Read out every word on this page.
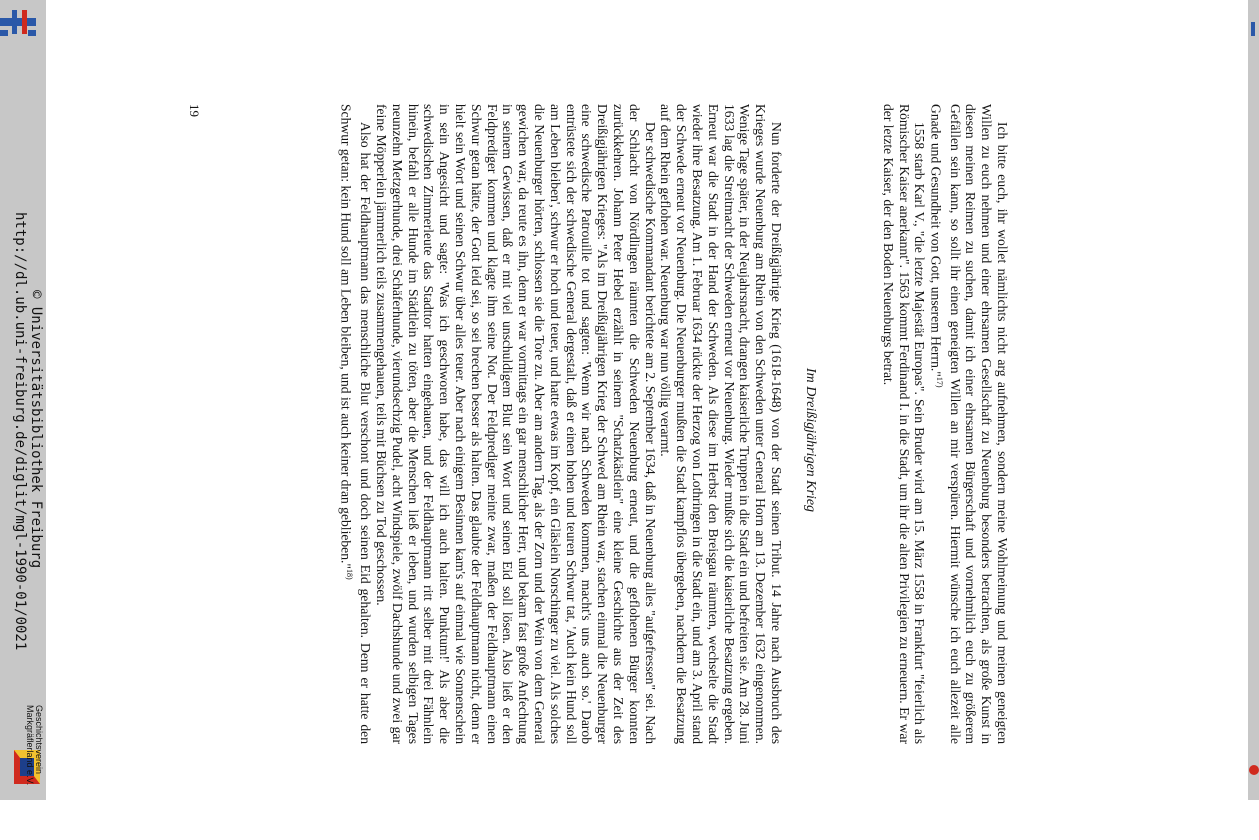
http://dl.ub.uni-freiburg.de/diglit/mgl-1990-01/0021 © Universitätsbibliothek Freiburg
Geschichtsverein
Markgräflerland e.V.

Ich bitte euch, ihr wollet nämlichts nicht arg aufnehmen, sondern meine Wohlmeinung und meinen geneigten Willen zu euch nehmen und einer ehrsamen Gesellschaft zu Neuenburg besonders betrachten, als große Kunst in diesen meinen Reimen zu suchen, damit ich einer ehrsamen Bürgerschaft und vornehmlich euch zu größerem Gefällen sein kann, so sollt ihr einen geneigten Willen an mir verspüren. Hiermit wünsche ich euch allezeit alle Gnade und Gesundheit von Gott, unserem Herrn."$^{17)}$

1558 starb Karl V., "die letzte Majestät Europas". Sein Bruder wird am 15. März 1558 in Frankfurt "feierlich als Römischer Kaiser anerkannt". 1563 kommt Ferdinand I. in die Stadt, um ihr die alten Privilegien zu erneuern. Er war der letzte Kaiser, der den Boden Neuenburgs betrat.

Im Dreißigjährigen Krieg

Nun forderte der Dreißigjährige Krieg (1618-1648) von der Stadt seinen Tribut. 14 Jahre nach Ausbruch des Krieges wurde Neuenburg am Rhein von den Schweden unter General Horn am 13. Dezember 1632 eingenommen. Wenige Tage später, in der Neujahrsnacht, drangen kaiserliche Truppen in die Stadt ein und befreiten sie. Am 28. Juni 1633 lag die Streitmacht der Schweden erneut vor Neuenburg. Wieder mußte sich die kaiserliche Besatzung ergeben. Erneut war die Stadt in der Hand der Schweden. Als diese im Herbst den Breisgau räumten, wechselte die Stadt wieder ihre Besatzung. Am 1. Februar 1634 rückte der Herzog von Lothringen in die Stadt ein, und am 3. April stand der Schwede erneut vor Neuenburg. Die Neuenburger mußten die Stadt kampflos übergeben, nachdem die Besatzung auf dem Rhein geflohen war. Neuenburg war nun völlig verarmt.

Der schwedische Kommandant berichtete am 2. September 1634, daß in Neuenburg alles "aufgefressen" sei. Nach der Schlacht von Nördlingen räumten die Schweden Neuenburg erneut, und die geflohenen Bürger konnten zurückkehren. Johann Peter Hebel erzählt in seinem "Schatzkästlein" eine kleine Geschichte aus der Zeit des Dreißigjährigen Krieges: "Als im Dreißigjährigen Krieg der Schwed am Rhein war, stachen einmal die Neuenburger eine schwedische Patrouille tot und sagten: 'Wenn wir nach Schweden kommen, macht's uns auch so.' Darob entrüstete sich der schwedische General dergestalt, daß er einen hohen und teuren Schwur tat, 'Auch kein Hund soll am Leben bleiben', schwur er hoch und teuer, und hatte etwas im Kopf, ein Gläslein Norschinger zu viel. Als solches die Neuenburger hörten, schlossen sie die Tore zu. Aber am andern Tag, als der Zorn und der Wein von dem General gewichen war, da reute es ihn, denn er war vormittags ein gar menschlicher Herr, und bekam fast große Anfechtung in seinem Gewissen, daß er mit viel unschuldigem Blut sein Wort und seinen Eid soll lösen. Also ließ er den Feldprediger kommen und klagte ihm seine Not. Der Feldprediger meinte zwar, maßen der Feldhauptmann einen Schwur getan hätte, der Gott leid sei, so sei brechen besser als halten. Das glaubte der Feldhauptmann nicht, denn er hielt sein Wort und seinen Schwur über alles teuer. Aber nach einigem Besinnen kam's auf einmal wie Sonnenschein in sein Angesicht und sagte: 'Was ich geschworen habe, das will ich auch halten. Punktum!' Als aber die schwedischen Zimmerleute das Stadttor hatten eingehauen, und der Feldhauptmann ritt selber mit drei Fähnlein hinein, befahl er alle Hunde im Städtlein zu töten, aber die Menschen ließ er leben, und wurden selbigen Tages neunzehn Metzgerhunde, drei Schäferhunde, vierundsechzig Pudel, acht Windspiele, zwölf Dachshunde und zwei gar feine Möpperlein jämmerlich teils zusammengehauen, teils mit Büchsen zu Tod geschossen.

Also hat der Feldhauptmann das menschliche Blut verschont und doch seinen Eid gehalten. Denn er hatte den Schwur getan: kein Hund soll am Leben bleiben, und ist auch keiner dran geblieben."$^{18)}$

19
